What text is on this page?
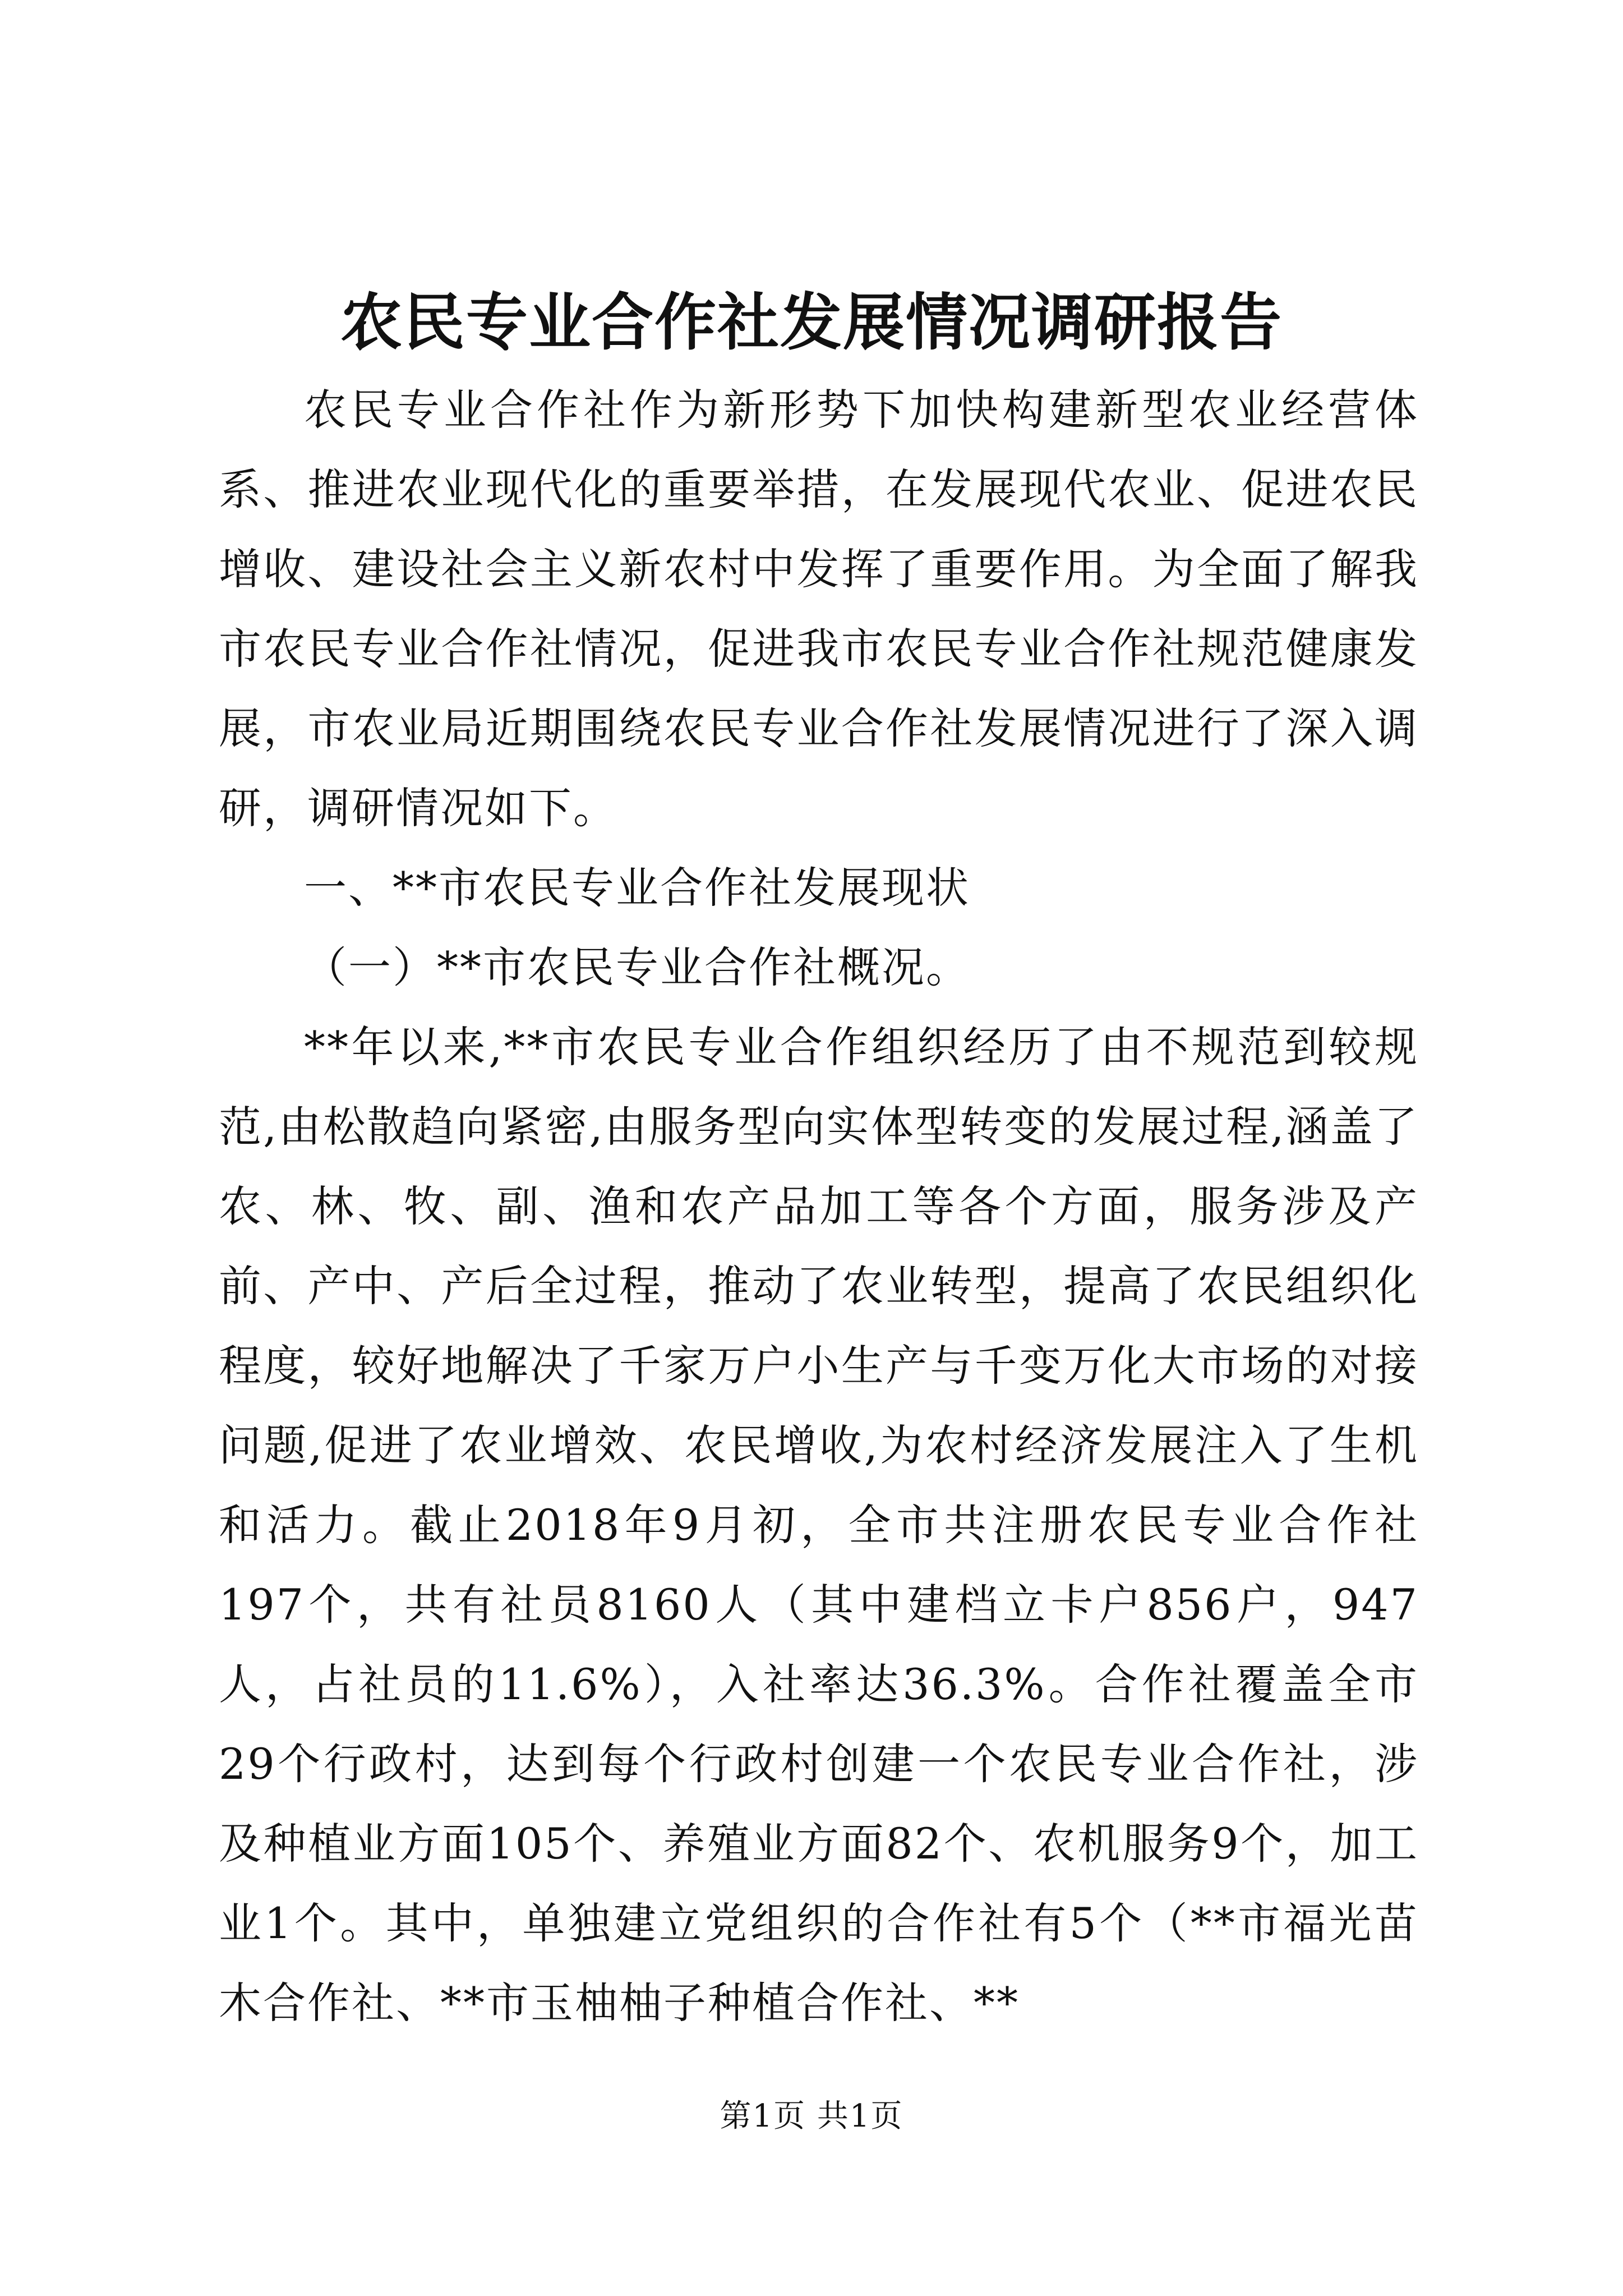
农民专业合作社发展情况调研报告

农民专业合作社作为新形势下加快构建新型农业经营体系、推进农业现代化的重要举措，在发展现代农业、促进农民增收、建设社会主义新农村中发挥了重要作用。为全面了解我市农民专业合作社情况，促进我市农民专业合作社规范健康发展，市农业局近期围绕农民专业合作社发展情况进行了深入调研，调研情况如下。

一、**市农民专业合作社发展现状

（一）**市农民专业合作社概况。

**年以来,**市农民专业合作组织经历了由不规范到较规范,由松散趋向紧密,由服务型向实体型转变的发展过程,涵盖了农、林、牧、副、渔和农产品加工等各个方面，服务涉及产前、产中、产后全过程，推动了农业转型，提高了农民组织化程度，较好地解决了千家万户小生产与千变万化大市场的对接问题,促进了农业增效、农民增收,为农村经济发展注入了生机和活力。截止2018年9月初，全市共注册农民专业合作社197个，共有社员8160人（其中建档立卡户856户，947人，占社员的11.6%），入社率达36.3%。合作社覆盖全市29个行政村，达到每个行政村创建一个农民专业合作社，涉及种植业方面105个、养殖业方面82个、农机服务9个，加工业1个。其中，单独建立党组织的合作社有5个（**市福光苗木合作社、**市玉柚柚子种植合作社、**

第1页 共1页
